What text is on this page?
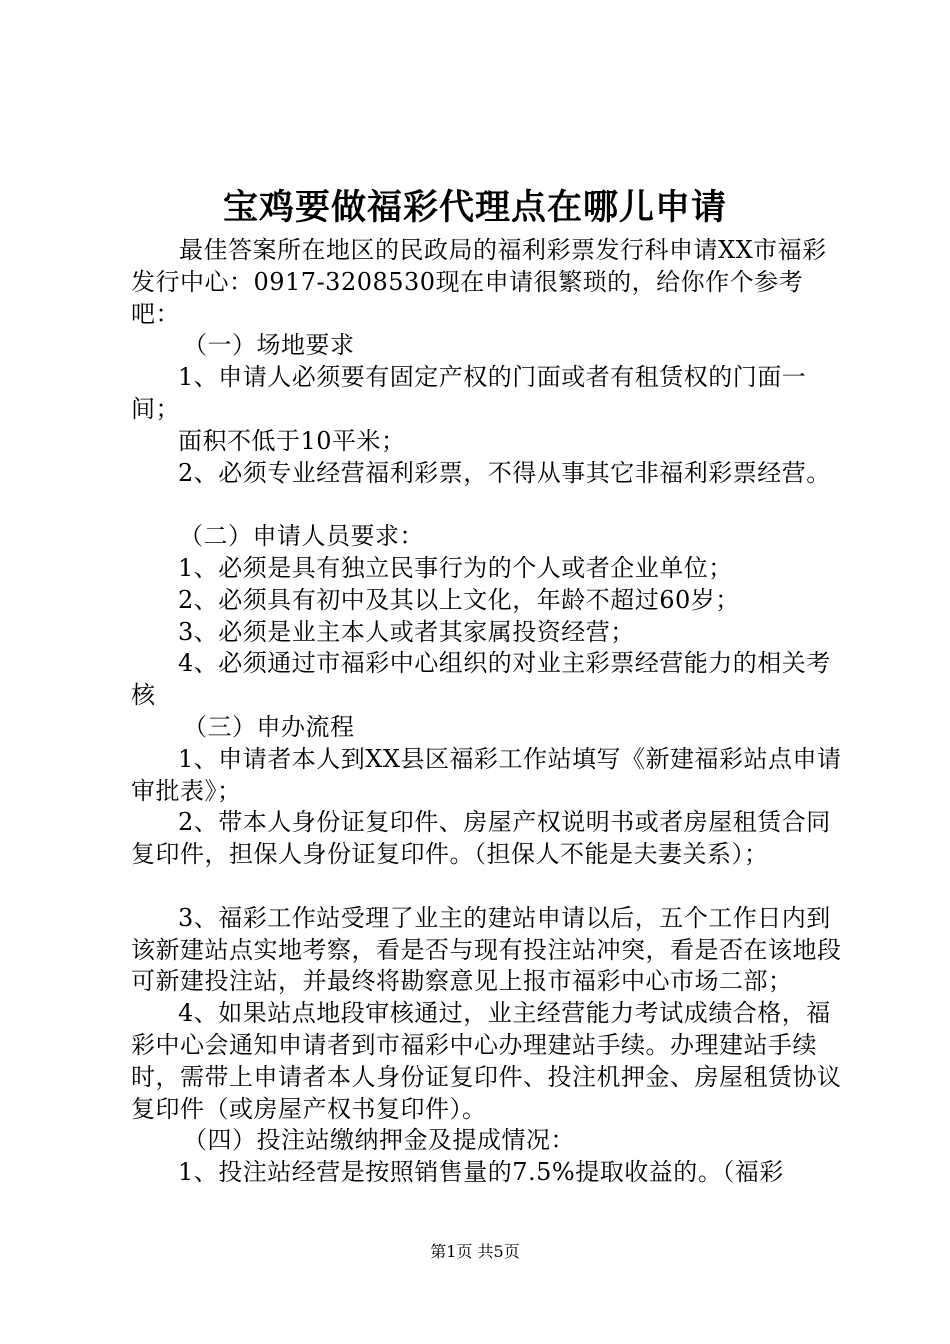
宝鸡要做福彩代理点在哪儿申请

最佳答案所在地区的民政局的福利彩票发行科申请XX市福彩发行中心：0917-3208530现在申请很繁琐的，给你作个参考吧：

（一）场地要求

1、申请人必须要有固定产权的门面或者有租赁权的门面一间；

面积不低于10平米；

2、必须专业经营福利彩票，不得从事其它非福利彩票经营。

（二）申请人员要求：

1、必须是具有独立民事行为的个人或者企业单位；

2、必须具有初中及其以上文化，年龄不超过60岁；

3、必须是业主本人或者其家属投资经营；

4、必须通过市福彩中心组织的对业主彩票经营能力的相关考核

（三）申办流程

1、申请者本人到XX县区福彩工作站填写《新建福彩站点申请审批表》；

2、带本人身份证复印件、房屋产权说明书或者房屋租赁合同复印件，担保人身份证复印件。（担保人不能是夫妻关系）；

3、福彩工作站受理了业主的建站申请以后，五个工作日内到该新建站点实地考察，看是否与现有投注站冲突，看是否在该地段可新建投注站，并最终将勘察意见上报市福彩中心市场二部；

4、如果站点地段审核通过，业主经营能力考试成绩合格，福彩中心会通知申请者到市福彩中心办理建站手续。办理建站手续时，需带上申请者本人身份证复印件、投注机押金、房屋租赁协议复印件（或房屋产权书复印件）。

（四）投注站缴纳押金及提成情况：

1、投注站经营是按照销售量的7.5%提取收益的。（福彩

第1页 共5页
